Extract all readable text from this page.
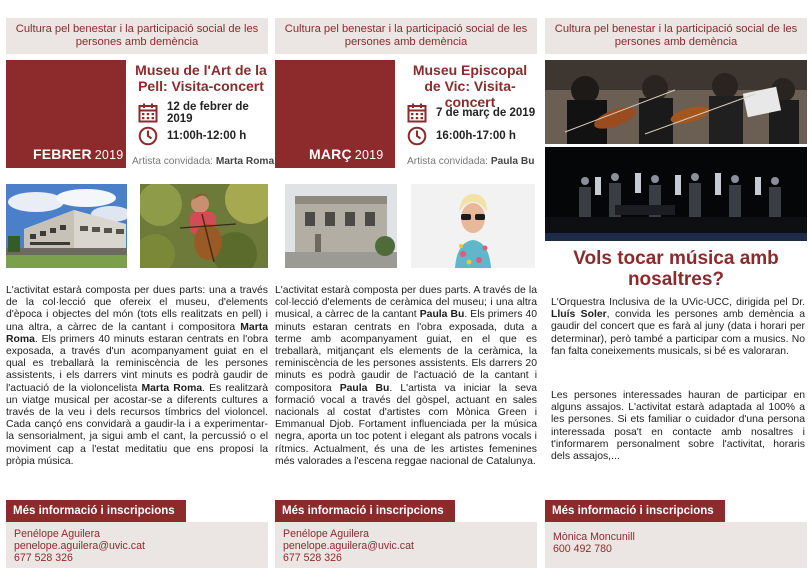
Cultura pel benestar i la participació social de les persones amb demència
FEBRER 2019
Museu de l'Art de la Pell: Visita-concert
12 de febrer de 2019
11:00h-12:00 h
Artista convidada: Marta Roma
L'activitat estarà composta per dues parts: una a través de la col·lecció que ofereix el museu, d'elements d'època i objectes del món (tots ells realitzats en pell) i una altra, a càrrec de la cantant i compositora Marta Roma. Els primers 40 minuts estaran centrats en l'obra exposada, a través d'un acompanyament guiat en el qual es treballarà la reminiscència de les persones assistents, i els darrers vint minuts es podrà gaudir de l'actuació de la violoncelista Marta Roma. Es realitzarà un viatge musical per acostar-se a diferents cultures a través de la veu i dels recursos tímbrics del violoncel. Cada cançó ens convidarà a gaudir-la i a experimentar-la sensorialment, ja sigui amb el cant, la percussió o el moviment cap a l'estat meditatiu que ens proposi la pròpia música.
Més informació i inscripcions
Penélope Aguilera
penelope.aguilera@uvic.cat
677 528 326
Cultura pel benestar i la participació social de les persones amb demència
MARÇ 2019
Museu Episcopal de Vic: Visita-concert
7 de març de 2019
16:00h-17:00 h
Artista convidada: Paula Bu
L'activitat estarà composta per dues parts. A través de la col·lecció d'elements de ceràmica del museu; i una altra musical, a càrrec de la cantant Paula Bu. Els primers 40 minuts estaran centrats en l'obra exposada, duta a terme amb acompanyament guiat, en el que es treballarà, mitjançant els elements de la ceràmica, la reminiscència de les persones assistents. Els darrers 20 minuts es podrà gaudir de l'actuació de la cantant i compositora Paula Bu. L'artista va iniciar la seva formació vocal a través del gòspel, actuant en sales nacionals al costat d'artistes com Mònica Green i Emmanual Djob. Fortament influenciada per la música negra, aporta un toc potent i elegant als patrons vocals i rítmics. Actualment, és una de les artistes femenines més valorades a l'escena reggae nacional de Catalunya.
Més informació i inscripcions
Penélope Aguilera
penelope.aguilera@uvic.cat
677 528 326
Cultura pel benestar i la participació social de les persones amb demència
Vols tocar música amb nosaltres?
L'Orquestra Inclusiva de la UVic-UCC, dirigida pel Dr. Lluís Soler, convida les persones amb demència a gaudir del concert que es farà al juny (data i horari per determinar), però també a participar com a musics. No fan falta coneixements musicals, si bé es valoraran.
Les persones interessades hauran de participar en alguns assajos. L'activitat estarà adaptada al 100% a les persones. Si ets familiar o cuidador d'una persona interessada posa't en contacte amb nosaltres i t'informarem personalment sobre l'activitat, horaris dels assajos,...
Més informació i inscripcions
Mònica Moncunill
600 492 780
